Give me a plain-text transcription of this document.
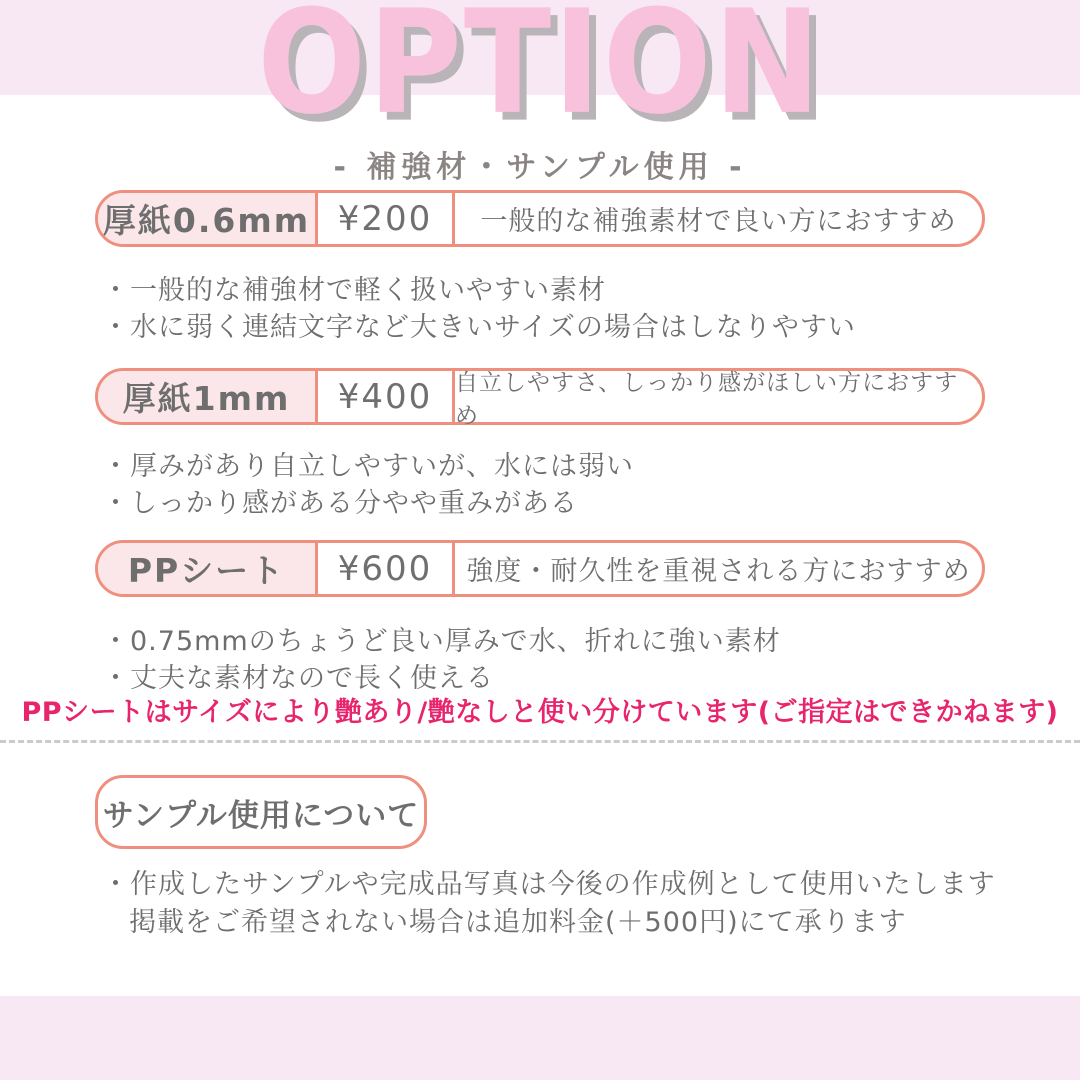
OPTION
- 補強材・サンプル使用 -
厚紙0.6mm ¥200	一般的な補強素材で良い方におすすめ
・ 一般的な補強材で軽く扱いやすい素材
・ 水に弱く連結文字など大きいサイズの場合はしなりやすい
厚紙1mm	¥400 自立しやすさ、しっかり感がほしい方におすすめ
・ 厚みがあり自立しやすいが、水には弱い
・ しっかり感がある分やや重みがある
PPシート	¥600	強度・耐久性を重視される方におすすめ
・ 0.75mmのちょうど良い厚みで水、折れに強い素材
・ 丈夫な素材なので長く使える
PPシートはサイズにより艶あり/艶なしと使い分けています(ご指定はできかねます)
サンプル使用について
・ 作成したサンプルや完成品写真は今後の作成例として使用いたします
掲載をご希望されない場合は追加料金(＋500円)にて承ります
